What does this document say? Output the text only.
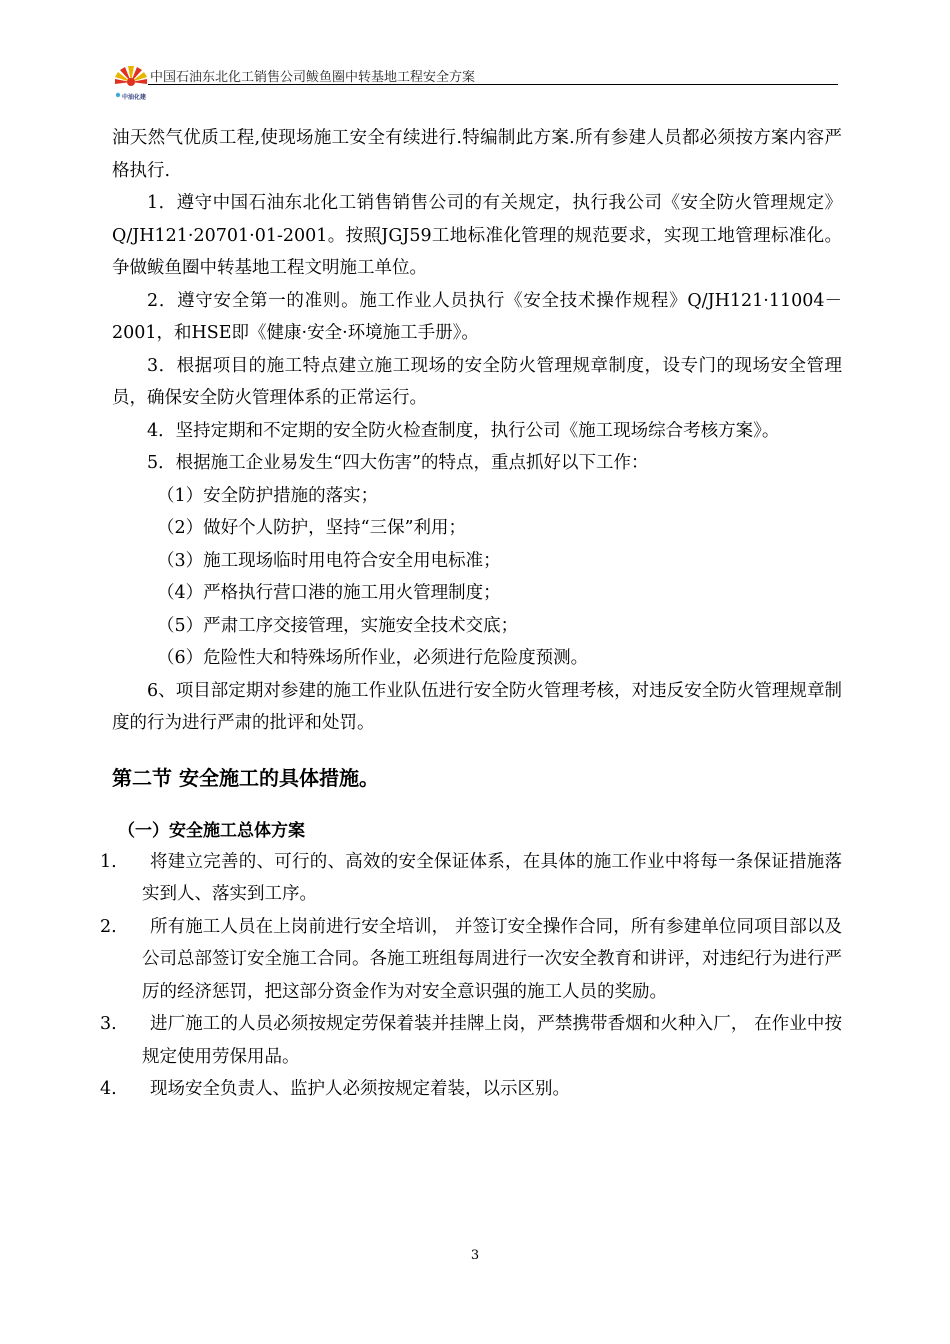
中国石油东北化工销售公司鲅鱼圈中转基地工程安全方案
中油化建

油天然气优质工程,使现场施工安全有续进行.特编制此方案.所有参建人员都必须按方案内容严格执行.

1．遵守中国石油东北化工销售销售公司的有关规定，执行我公司《安全防火管理规定》Q/JH121·20701·01-2001。按照JGJ59工地标准化管理的规范要求，实现工地管理标准化。争做鲅鱼圈中转基地工程文明施工单位。

2．遵守安全第一的准则。施工作业人员执行《安全技术操作规程》Q/JH121·11004－2001，和HSE即《健康·安全·环境施工手册》。

3．根据项目的施工特点建立施工现场的安全防火管理规章制度，设专门的现场安全管理员，确保安全防火管理体系的正常运行。

4．坚持定期和不定期的安全防火检查制度，执行公司《施工现场综合考核方案》。

5．根据施工企业易发生“四大伤害”的特点，重点抓好以下工作：

（1）安全防护措施的落实；

（2）做好个人防护，坚持“三保”利用；

（3）施工现场临时用电符合安全用电标准；

（4）严格执行营口港的施工用火管理制度；

（5）严肃工序交接管理，实施安全技术交底；

（6）危险性大和特殊场所作业，必须进行危险度预测。

6、项目部定期对参建的施工作业队伍进行安全防火管理考核，对违反安全防火管理规章制度的行为进行严肃的批评和处罚。

第二节 安全施工的具体措施。
（一）安全施工总体方案
1.	将建立完善的、可行的、高效的安全保证体系，在具体的施工作业中将每一条保证措施落实到人、落实到工序。
2.	所有施工人员在上岗前进行安全培训， 并签订安全操作合同，所有参建单位同项目部以及公司总部签订安全施工合同。各施工班组每周进行一次安全教育和讲评，对违纪行为进行严厉的经济惩罚，把这部分资金作为对安全意识强的施工人员的奖励。
3.	进厂施工的人员必须按规定劳保着装并挂牌上岗，严禁携带香烟和火种入厂， 在作业中按规定使用劳保用品。
4.	现场安全负责人、监护人必须按规定着装，以示区别。
3
